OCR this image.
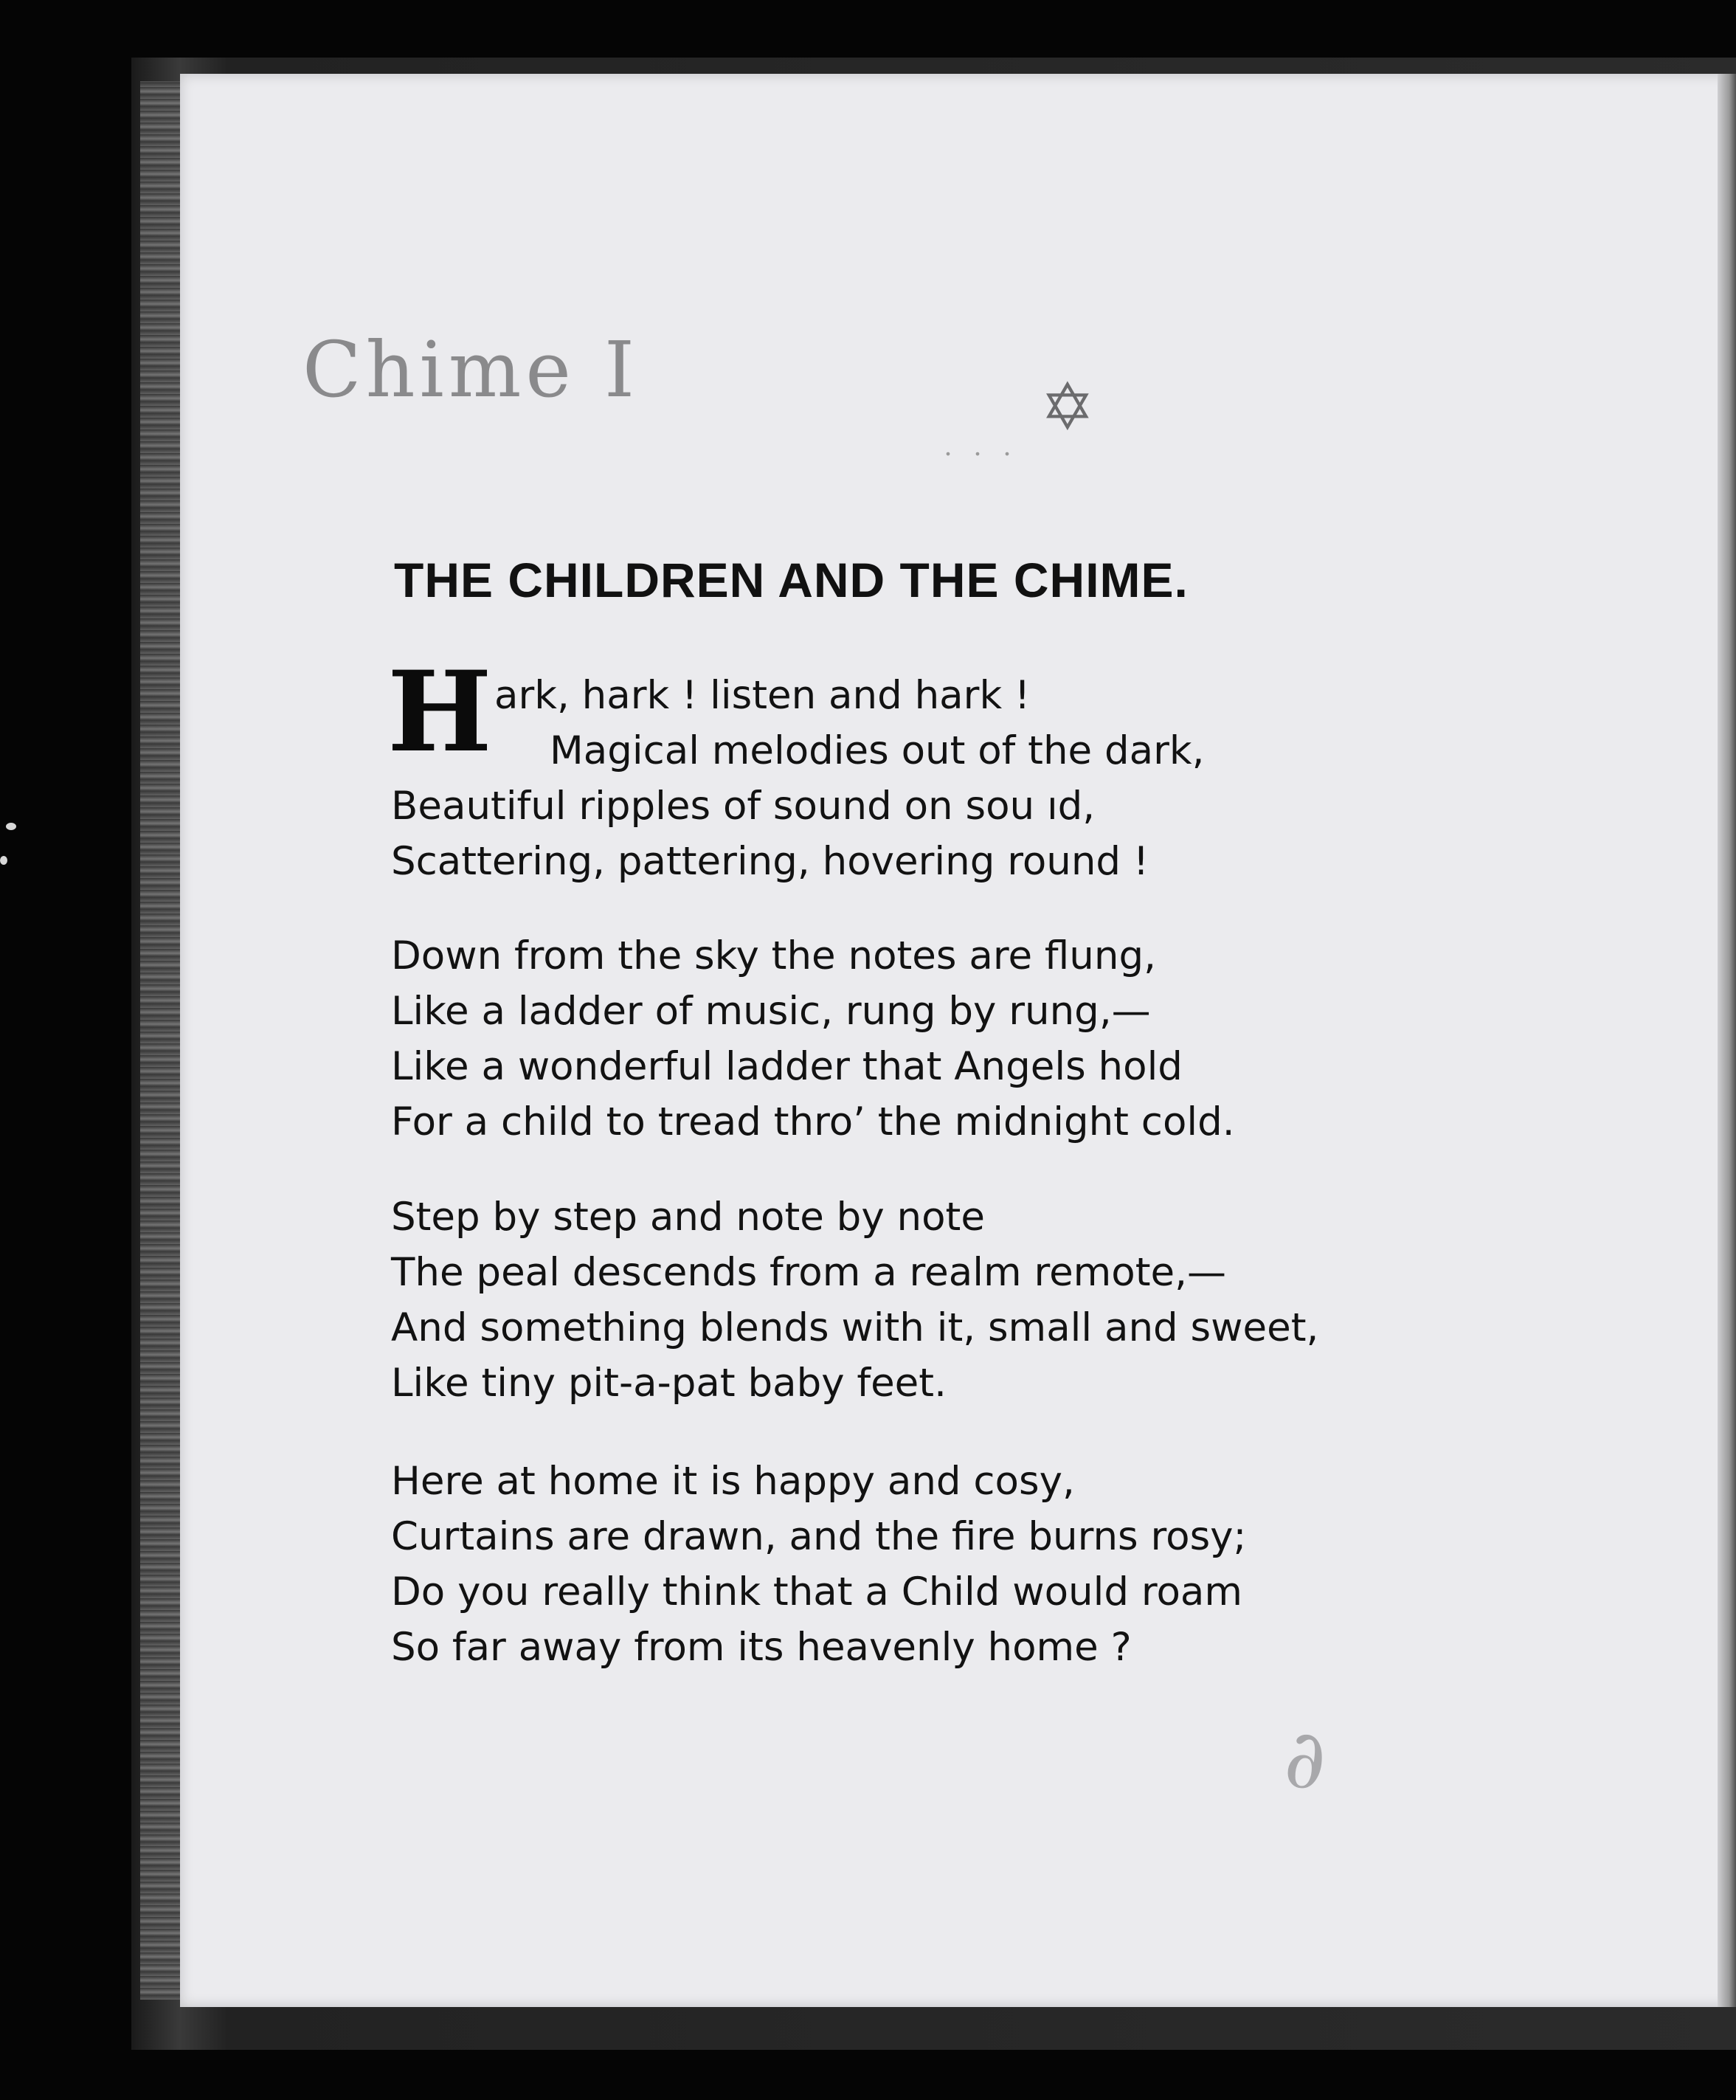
Chime I	✡
. . .
THE CHILDREN AND THE CHIME.
H ark, hark ! listen and hark !
Magical melodies out of the dark,
Beautiful ripples of sound on sou ıd,
Scattering, pattering, hovering round !
Down from the sky the notes are flung,
Like a ladder of music, rung by rung,—
Like a wonderful ladder that Angels hold
For a child to tread thro’ the midnight cold.
Step by step and note by note
The peal descends from a realm remote,—
And something blends with it, small and sweet,
Like tiny pit-a-pat baby feet.
Here at home it is happy and cosy,
Curtains are drawn, and the fire burns rosy;
Do you really think that a Child would roam
So far away from its heavenly home ?
∂
